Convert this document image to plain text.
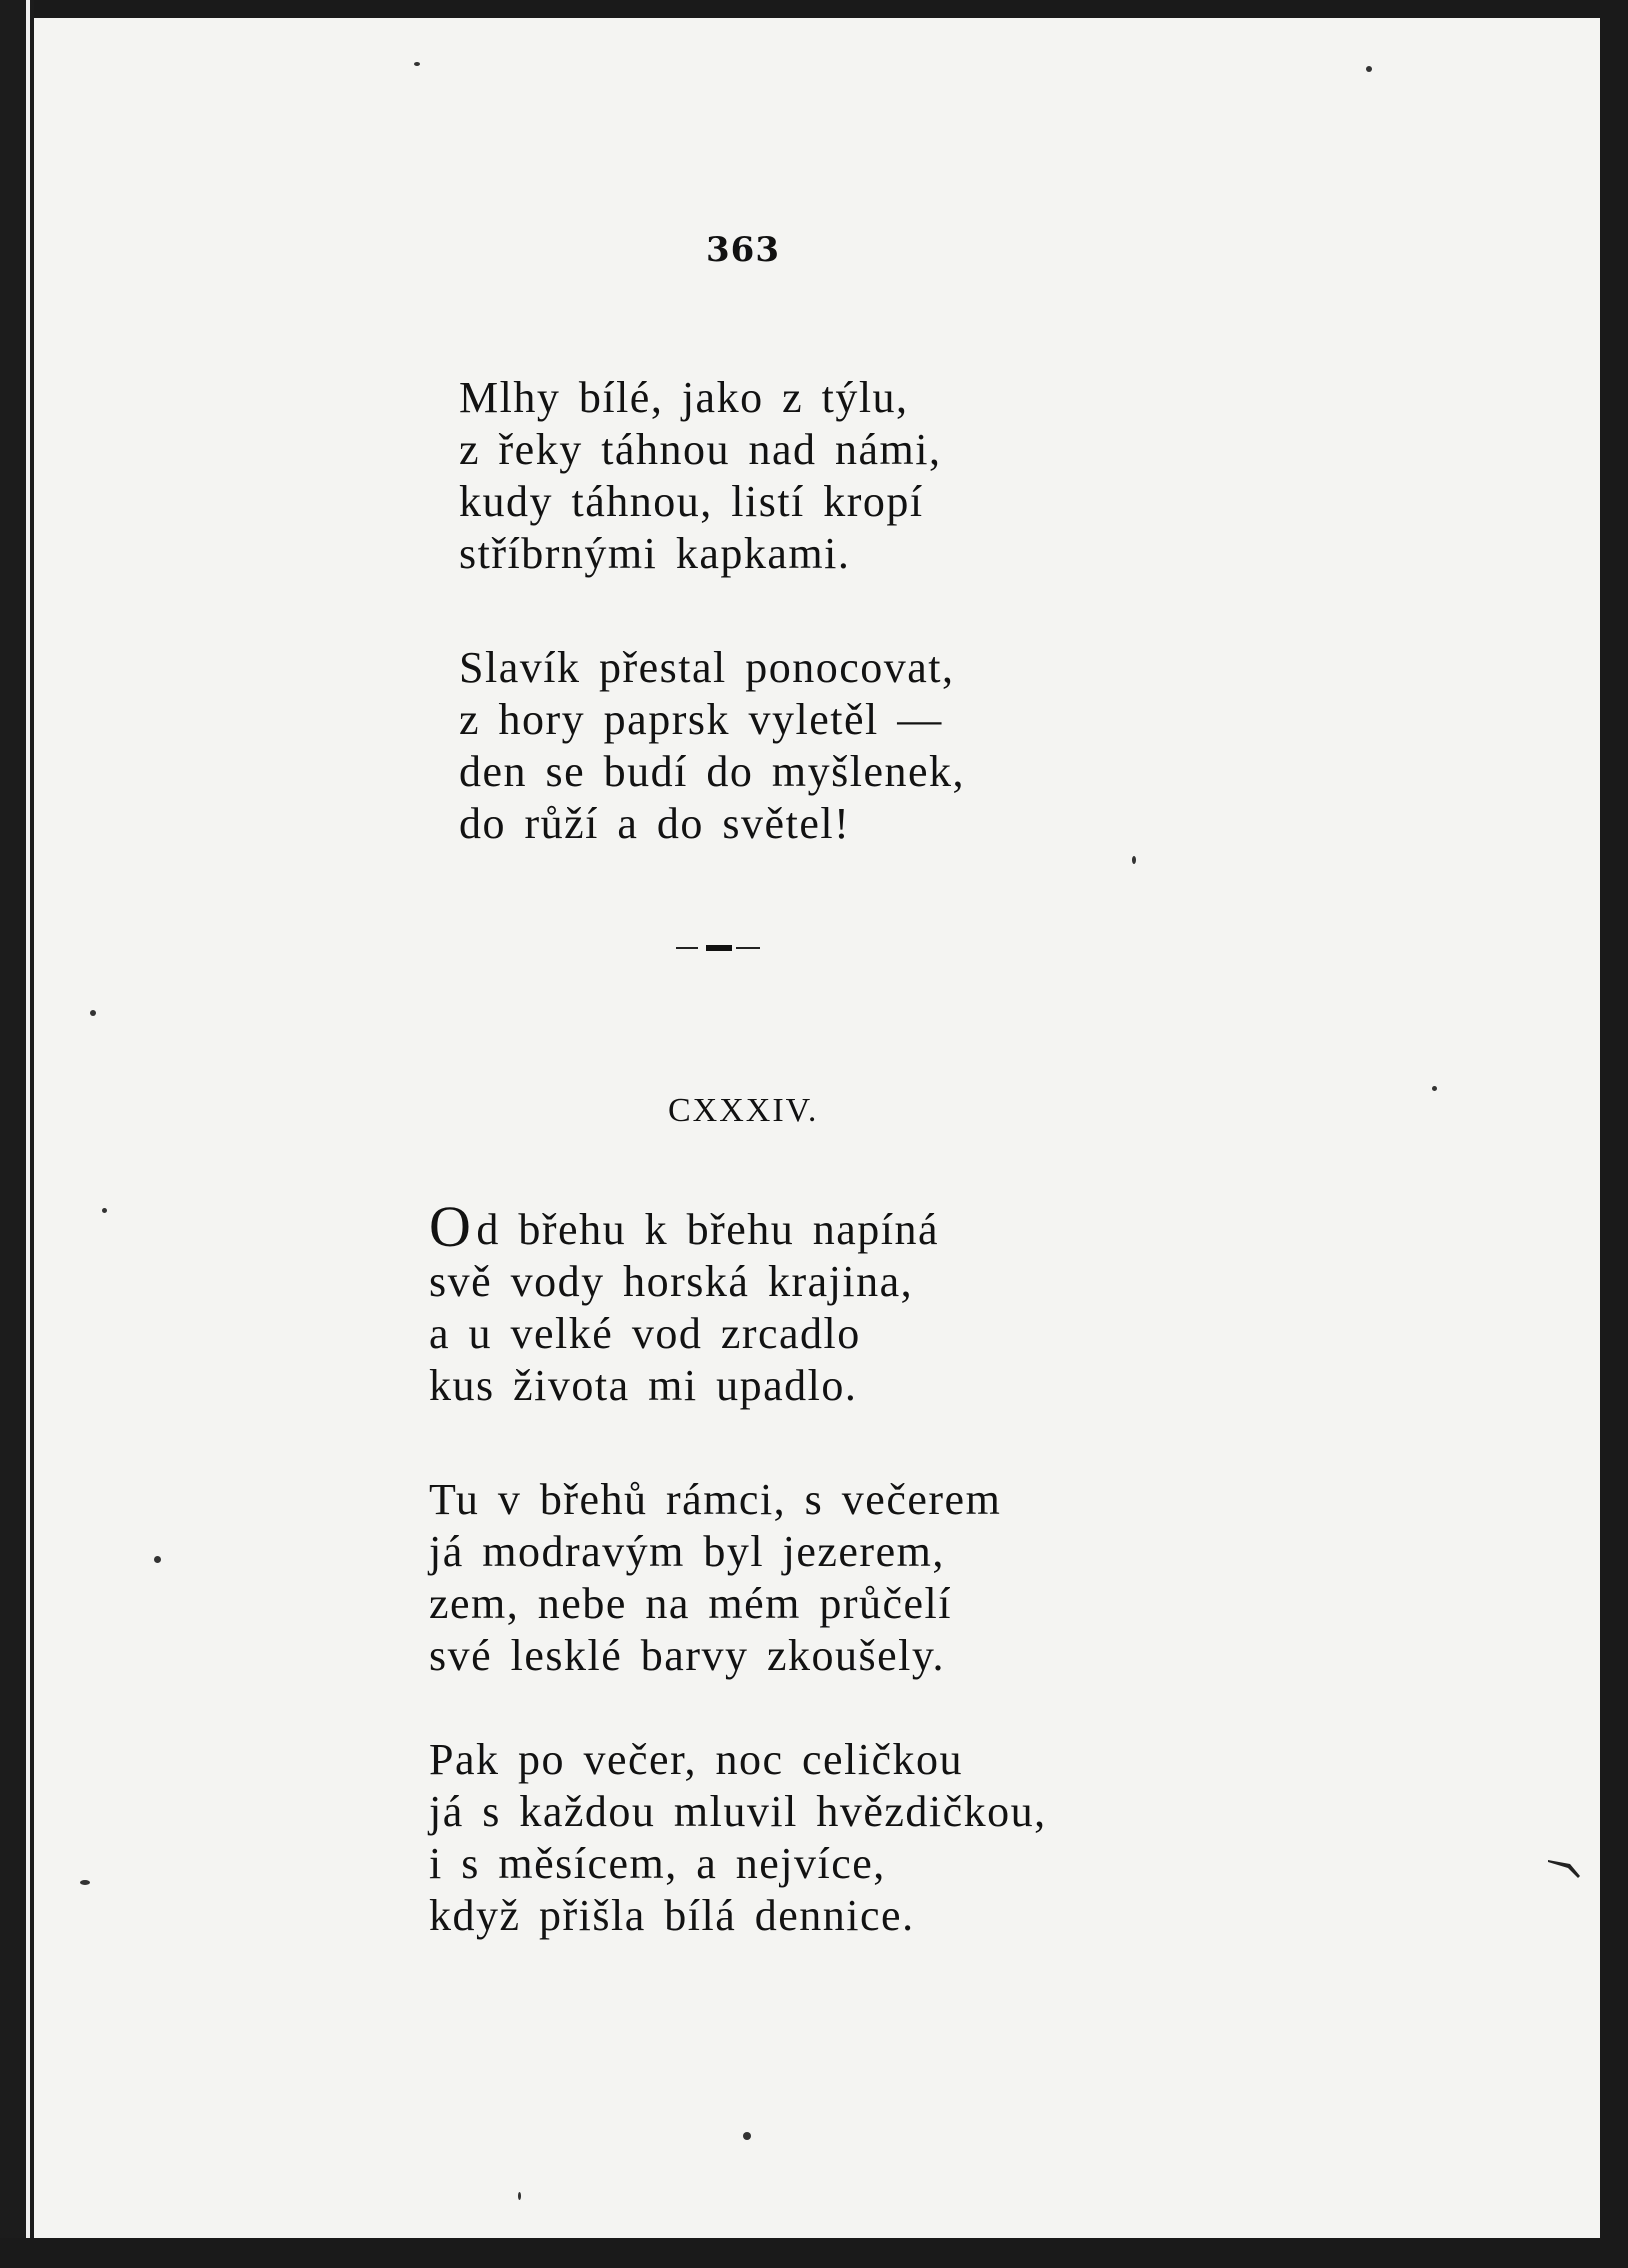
363
Mlhy bílé, jako z týlu,
z řeky táhnou nad námi,
kudy táhnou, listí kropí
stříbrnými kapkami.
Slavík přestal ponocovat,
z hory paprsk vyletěl —
den se budí do myšlenek,
do růží a do světel!
CXXXIV.
Od břehu k břehu napíná
svě vody horská krajina,
a u velké vod zrcadlo
kus života mi upadlo.
Tu v břehů rámci, s večerem
já modravým byl jezerem,
zem, nebe na mém průčelí
své lesklé barvy zkoušely.
Pak po večer, noc celičkou
já s každou mluvil hvězdičkou,
i s měsícem, a nejvíce,
když přišla bílá dennice.
